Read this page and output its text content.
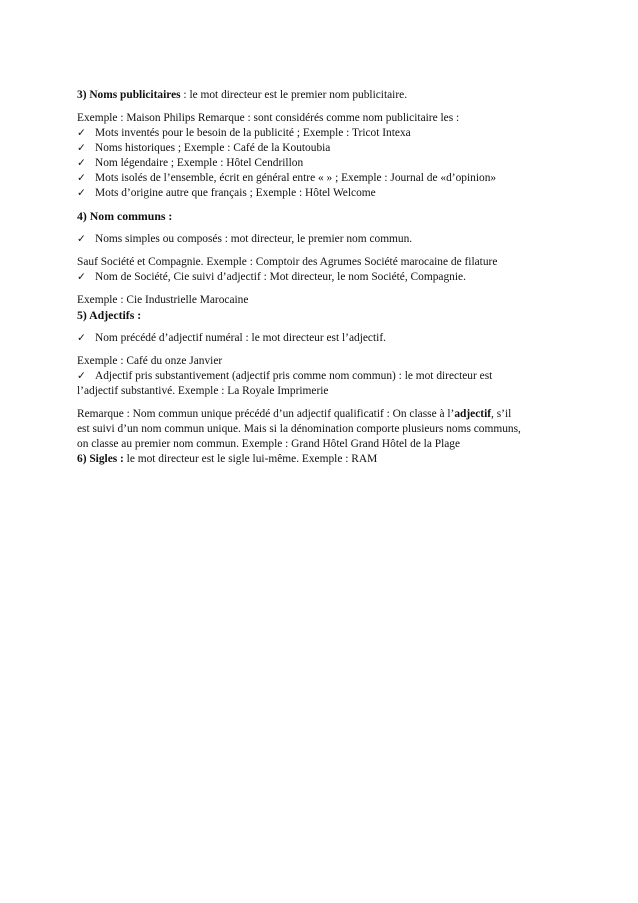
3) Noms publicitaires : le mot directeur est le premier nom publicitaire.
Exemple : Maison Philips Remarque : sont considérés comme nom publicitaire les :
✓ Mots inventés pour le besoin de la publicité ; Exemple : Tricot Intexa
✓ Noms historiques ; Exemple : Café de la Koutoubia
✓ Nom légendaire ; Exemple : Hôtel Cendrillon
✓ Mots isolés de l’ensemble, écrit en général entre « » ; Exemple : Journal de «d’opinion»
✓ Mots d’origine autre que français ; Exemple : Hôtel Welcome
4) Nom communs :
✓ Noms simples ou composés : mot directeur, le premier nom commun.
Sauf Société et Compagnie. Exemple : Comptoir des Agrumes Société marocaine de filature
✓ Nom de Société, Cie suivi d’adjectif : Mot directeur, le nom Société, Compagnie.
Exemple : Cie Industrielle Marocaine
5) Adjectifs :
✓ Nom précédé d’adjectif numéral : le mot directeur est l’adjectif.
Exemple : Café du onze Janvier
✓ Adjectif pris substantivement (adjectif pris comme nom commun) : le mot directeur est
l’adjectif substantivé. Exemple : La Royale Imprimerie
Remarque : Nom commun unique précédé d’un adjectif qualificatif : On classe à l’adjectif, s’il
est suivi d’un nom commun unique. Mais si la dénomination comporte plusieurs noms communs,
on classe au premier nom commun. Exemple : Grand Hôtel Grand Hôtel de la Plage
6) Sigles : le mot directeur est le sigle lui-même. Exemple : RAM
